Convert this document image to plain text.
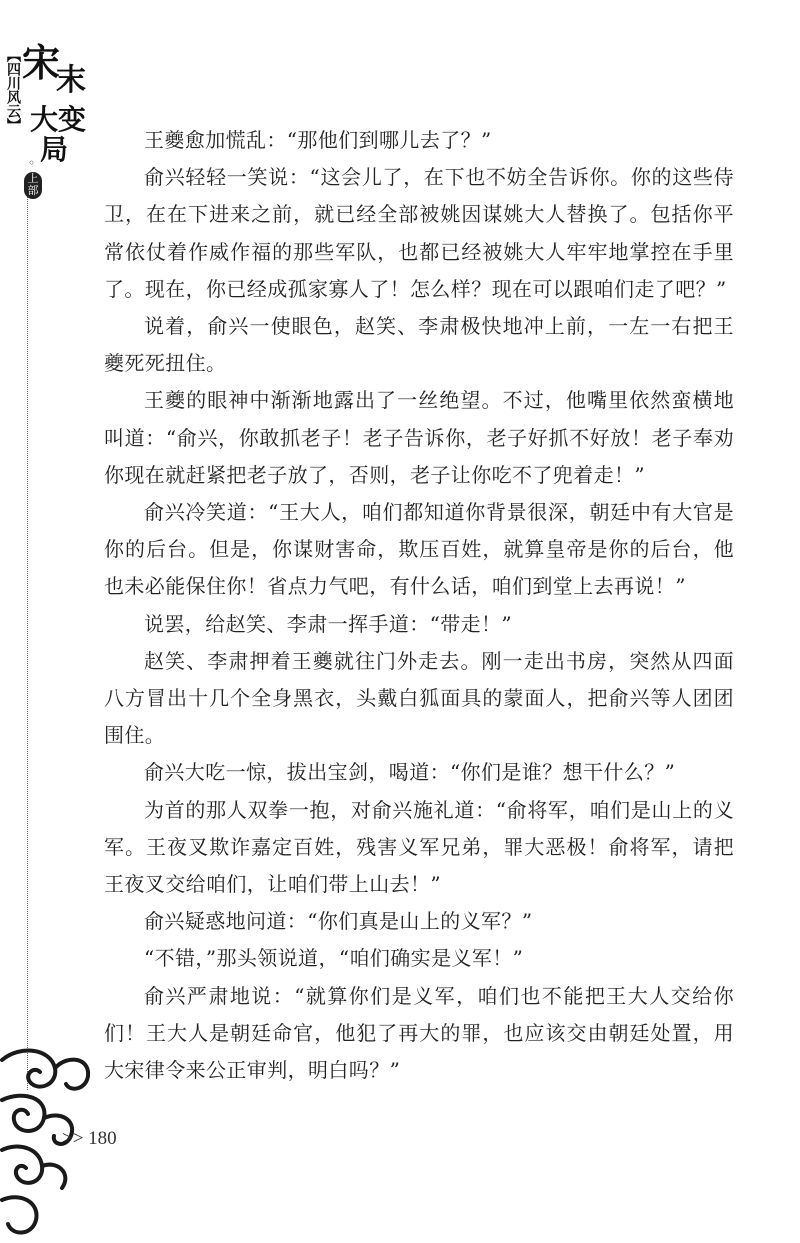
【四川风云】 宋
末
大变
局
◦
上部

王夔愈加慌乱：“那他们到哪儿去了？”

俞兴轻轻一笑说：“这会儿了，在下也不妨全告诉你。你的这些侍卫，在在下进来之前，就已经全部被姚因谋姚大人替换了。包括你平常依仗着作威作福的那些军队，也都已经被姚大人牢牢地掌控在手里了。现在，你已经成孤家寡人了！怎么样？现在可以跟咱们走了吧？”

说着，俞兴一使眼色，赵笑、李肃极快地冲上前，一左一右把王夔死死扭住。

王夔的眼神中渐渐地露出了一丝绝望。不过，他嘴里依然蛮横地叫道：“俞兴，你敢抓老子！老子告诉你，老子好抓不好放！老子奉劝你现在就赶紧把老子放了，否则，老子让你吃不了兜着走！”

俞兴冷笑道：“王大人，咱们都知道你背景很深，朝廷中有大官是你的后台。但是，你谋财害命，欺压百姓，就算皇帝是你的后台，他也未必能保住你！省点力气吧，有什么话，咱们到堂上去再说！”

说罢，给赵笑、李肃一挥手道：“带走！”

赵笑、李肃押着王夔就往门外走去。刚一走出书房，突然从四面八方冒出十几个全身黑衣，头戴白狐面具的蒙面人，把俞兴等人团团围住。

俞兴大吃一惊，拔出宝剑，喝道：“你们是谁？想干什么？”

为首的那人双拳一抱，对俞兴施礼道：“俞将军，咱们是山上的义军。王夜叉欺诈嘉定百姓，残害义军兄弟，罪大恶极！俞将军，请把王夜叉交给咱们，让咱们带上山去！”

俞兴疑惑地问道：“你们真是山上的义军？”

“不错，”那头领说道，“咱们确实是义军！”

俞兴严肃地说：“就算你们是义军，咱们也不能把王大人交给你们！王大人是朝廷命官，他犯了再大的罪，也应该交由朝廷处置，用大宋律令来公正审判，明白吗？”

>> 180
